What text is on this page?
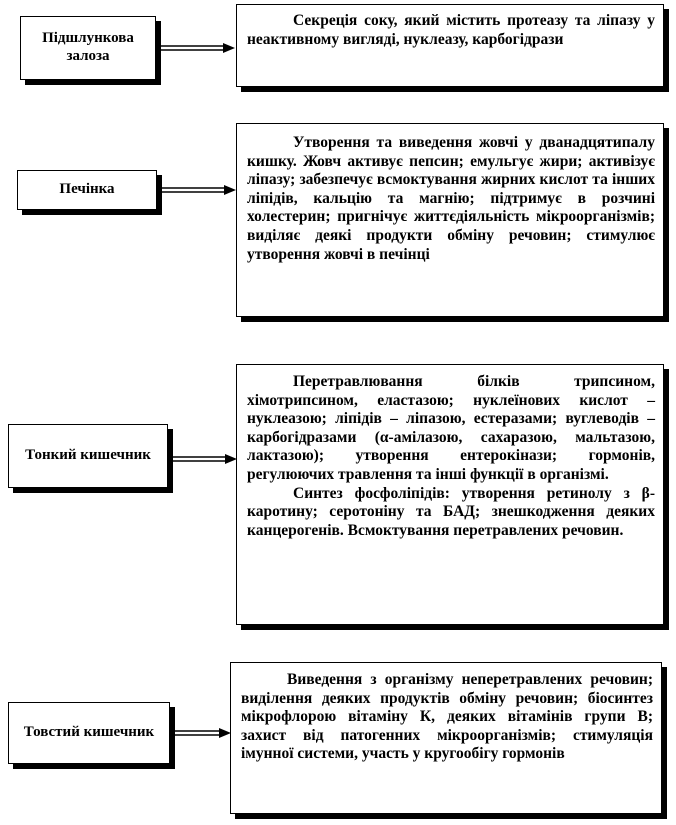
Підшлункова залоза

Секреція соку, який містить протеазу та ліпазу у неактивному вигляді, нуклеазу, карбогідрази

Печінка

Утворення та виведення жовчі у дванадцятипалу кишку. Жовч активує пепсин; емульгує жири; активізує ліпазу; забезпечує всмоктування жирних кислот та інших ліпідів, кальцію та магнію; підтримує в розчині холестерин; пригнічує життєдіяльність мікроорганізмів; виділяє деякі продукти обміну речовин; стимулює утворення жовчі в печінці

Тонкий кишечник

Перетравлювання білків трипсином, хімотрипсином, еластазою; нуклеїнових кислот – нуклеазою; ліпідів – ліпазою, естеразами; вуглеводів – карбогідразами (α-амілазою, сахаразою, мальтазою, лактазою); утворення ентерокінази; гормонів, регулюючих травлення та інші функції в організмі.

Синтез фосфоліпідів: утворення ретинолу з β-каротину; серотоніну та БАД; знешкодження деяких канцерогенів. Всмоктування перетравлених речовин.

Товстий кишечник

Виведення з організму неперетравлених речовин; виділення деяких продуктів обміну речовин; біосинтез мікрофлорою вітаміну К, деяких вітамінів групи В; захист від патогенних мікроорганізмів; стимуляція імунної системи, участь у кругообігу гормонів
